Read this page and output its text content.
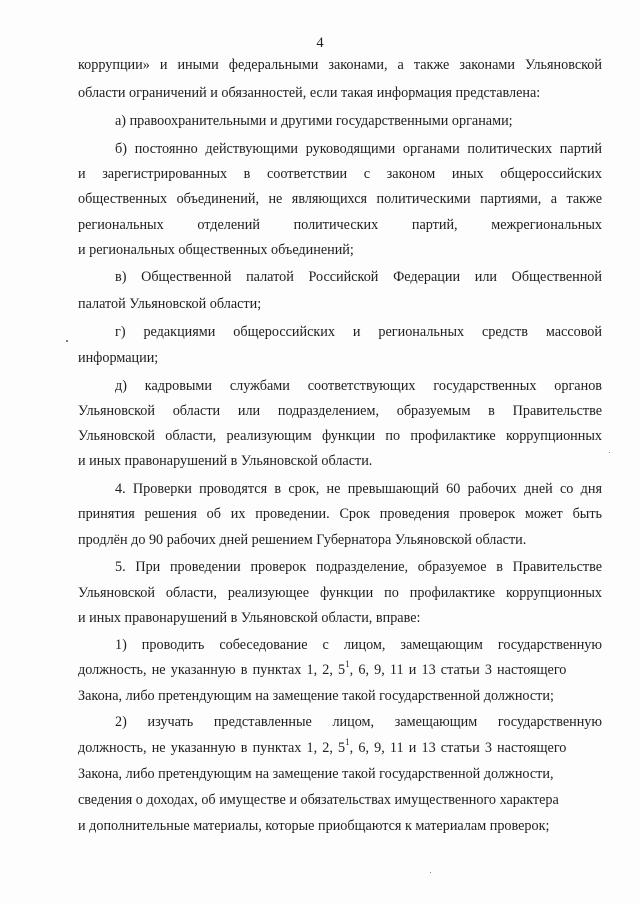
4
коррупции» и иными федеральными законами, а также законами Ульяновской
области ограничений и обязанностей, если такая информация представлена:
а) правоохранительными и другими государственными органами;
б) постоянно действующими руководящими органами политических партий
и зарегистрированных в соответствии с законом иных общероссийских
общественных объединений, не являющихся политическими партиями, а также
региональных отделений политических партий, межрегиональных
и региональных общественных объединений;
в) Общественной палатой Российской Федерации или Общественной
палатой Ульяновской области;
г) редакциями общероссийских и региональных средств массовой
информации;
д) кадровыми службами соответствующих государственных органов
Ульяновской области или подразделением, образуемым в Правительстве
Ульяновской области, реализующим функции по профилактике коррупционных
и иных правонарушений в Ульяновской области.
4. Проверки проводятся в срок, не превышающий 60 рабочих дней со дня
принятия решения об их проведении. Срок проведения проверок может быть
продлён до 90 рабочих дней решением Губернатора Ульяновской области.
5. При проведении проверок подразделение, образуемое в Правительстве
Ульяновской области, реализующее функции по профилактике коррупционных
и иных правонарушений в Ульяновской области, вправе:
1) проводить собеседование с лицом, замещающим государственную
должность, не указанную в пунктах 1, 2, $5^1$, 6, 9, 11 и 13 статьи 3 настоящего
Закона, либо претендующим на замещение такой государственной должности;
2) изучать представленные лицом, замещающим государственную
должность, не указанную в пунктах 1, 2, $5^1$, 6, 9, 11 и 13 статьи 3 настоящего
Закона, либо претендующим на замещение такой государственной должности,
сведения о доходах, об имуществе и обязательствах имущественного характера
и дополнительные материалы, которые приобщаются к материалам проверок;
